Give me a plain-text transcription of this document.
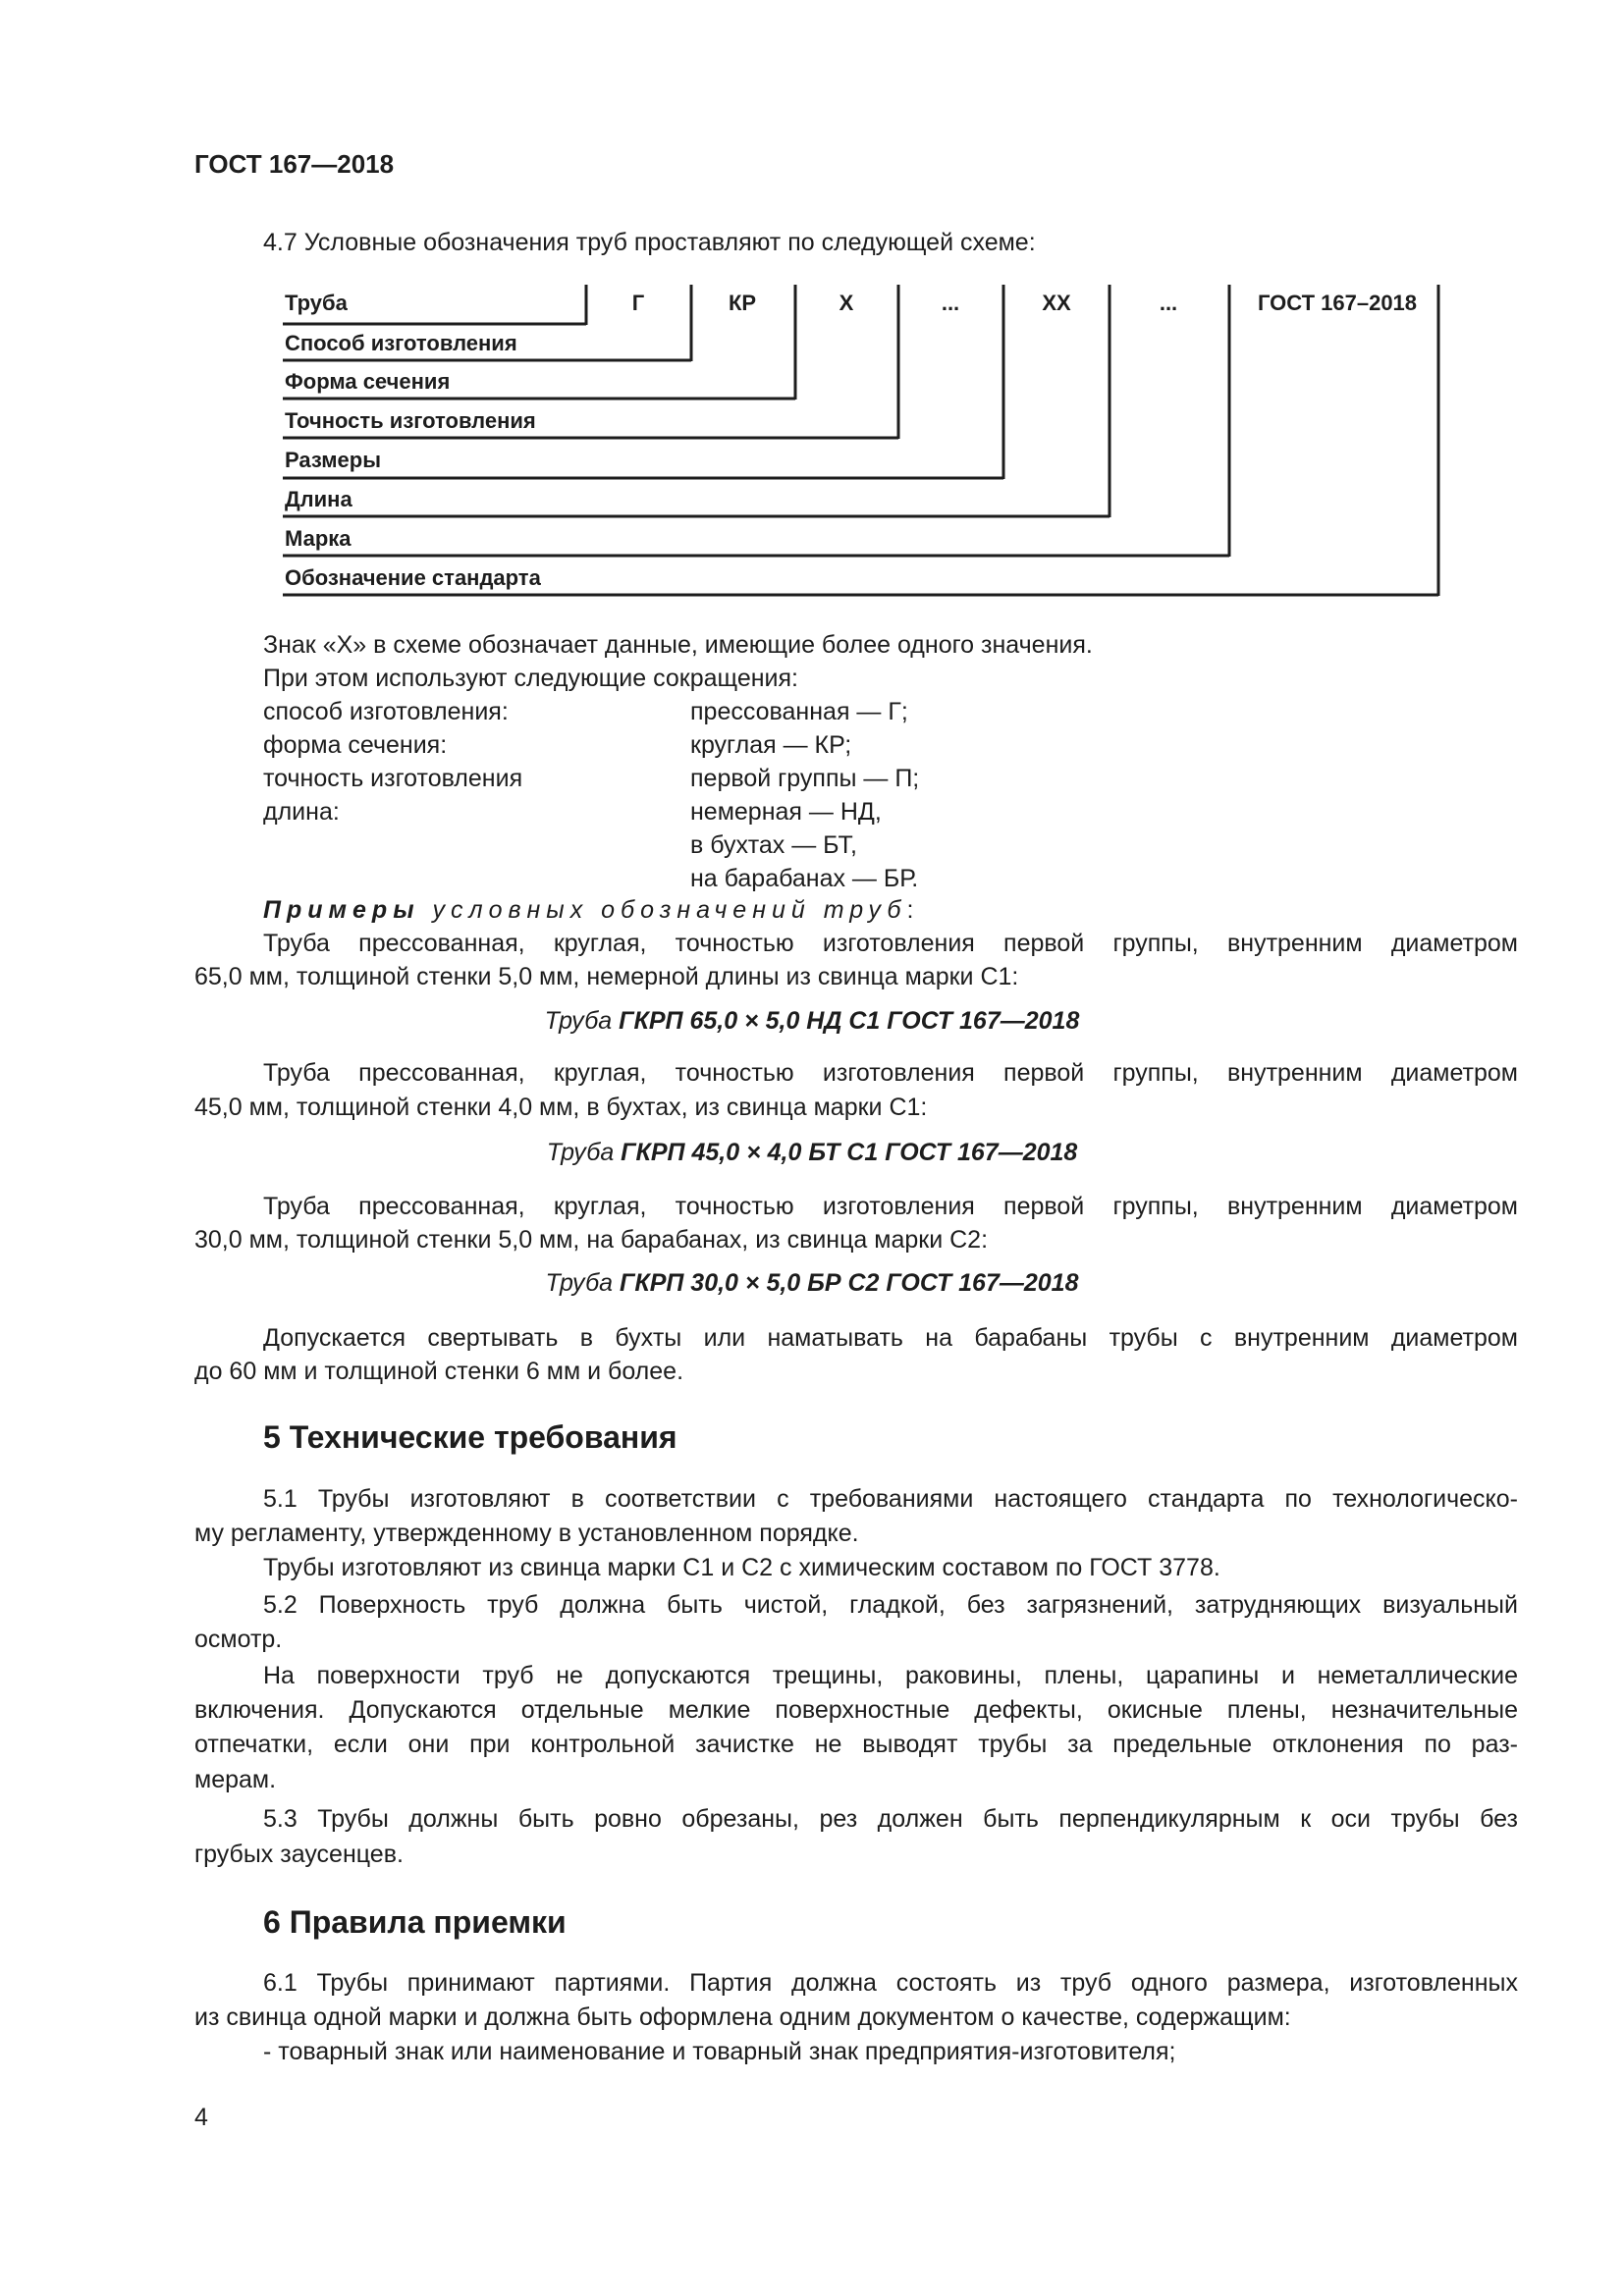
ГОСТ 167—2018
4.7 Условные обозначения труб проставляют по следующей схеме:
Труба	Г	КР	Х	...	ХХ	...	ГОСТ 167–2018
Способ изготовления
Форма сечения
Точность изготовления
Размеры
Длина
Марка
Обозначение стандарта
Знак «Х» в схеме обозначает данные, имеющие более одного значения.
При этом используют следующие сокращения:
способ изготовления:	прессованная — Г;
форма сечения:	круглая — КР;
точность изготовления	первой группы — П;
длина:	немерная — НД,
в бухтах — БТ,
на барабанах — БР.
Примеры условных обозначений труб:
Труба прессованная, круглая, точностью изготовления первой группы, внутренним диаметром
65,0 мм, толщиной стенки 5,0 мм, немерной длины из свинца марки С1:
Труба ГКРП 65,0 × 5,0 НД С1 ГОСТ 167—2018
Труба прессованная, круглая, точностью изготовления первой группы, внутренним диаметром
45,0 мм, толщиной стенки 4,0 мм, в бухтах, из свинца марки С1:
Труба ГКРП 45,0 × 4,0 БТ С1 ГОСТ 167—2018
Труба прессованная, круглая, точностью изготовления первой группы, внутренним диаметром
30,0 мм, толщиной стенки 5,0 мм, на барабанах, из свинца марки С2:
Труба ГКРП 30,0 × 5,0 БР С2 ГОСТ 167—2018
Допускается свертывать в бухты или наматывать на барабаны трубы с внутренним диаметром
до 60 мм и толщиной стенки 6 мм и более.
5 Технические требования
5.1 Трубы изготовляют в соответствии с требованиями настоящего стандарта по технологическо-
му регламенту, утвержденному в установленном порядке.
Трубы изготовляют из свинца марки С1 и С2 с химическим составом по ГОСТ 3778.
5.2 Поверхность труб должна быть чистой, гладкой, без загрязнений, затрудняющих визуальный
осмотр.
На поверхности труб не допускаются трещины, раковины, плены, царапины и неметаллические
включения. Допускаются отдельные мелкие поверхностные дефекты, окисные плены, незначительные
отпечатки, если они при контрольной зачистке не выводят трубы за предельные отклонения по раз-
мерам.
5.3 Трубы должны быть ровно обрезаны, рез должен быть перпендикулярным к оси трубы без
грубых заусенцев.
6 Правила приемки
6.1 Трубы принимают партиями. Партия должна состоять из труб одного размера, изготовленных
из свинца одной марки и должна быть оформлена одним документом о качестве, содержащим:
- товарный знак или наименование и товарный знак предприятия-изготовителя;
4
